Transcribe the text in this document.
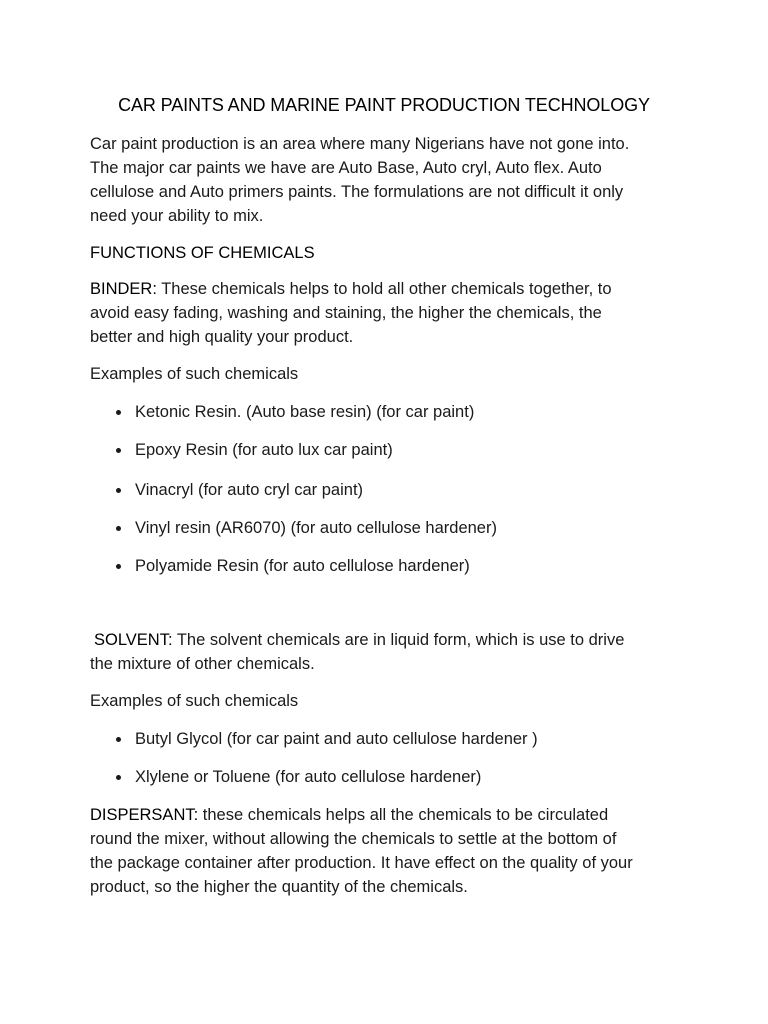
CAR PAINTS AND MARINE PAINT PRODUCTION TECHNOLOGY
Car paint production is an area where many Nigerians have not gone into.
The major car paints we have are Auto Base, Auto cryl, Auto flex. Auto
cellulose and Auto primers paints. The formulations are not difficult it only
need your ability to mix.
FUNCTIONS OF CHEMICALS
BINDER: These chemicals helps to hold all other chemicals together, to
avoid easy fading, washing and staining, the higher the chemicals, the
better and high quality your product.
Examples of such chemicals
Ketonic Resin. (Auto base resin) (for car paint)
Epoxy Resin (for auto lux car paint)
Vinacryl (for auto cryl car paint)
Vinyl resin (AR6070) (for auto cellulose hardener)
Polyamide Resin (for auto cellulose hardener)
SOLVENT: The solvent chemicals are in liquid form, which is use to drive
the mixture of other chemicals.
Examples of such chemicals
Butyl Glycol (for car paint and auto cellulose hardener )
Xlylene or Toluene (for auto cellulose hardener)
DISPERSANT: these chemicals helps all the chemicals to be circulated
round the mixer, without allowing the chemicals to settle at the bottom of
the package container after production. It have effect on the quality of your
product, so the higher the quantity of the chemicals.
